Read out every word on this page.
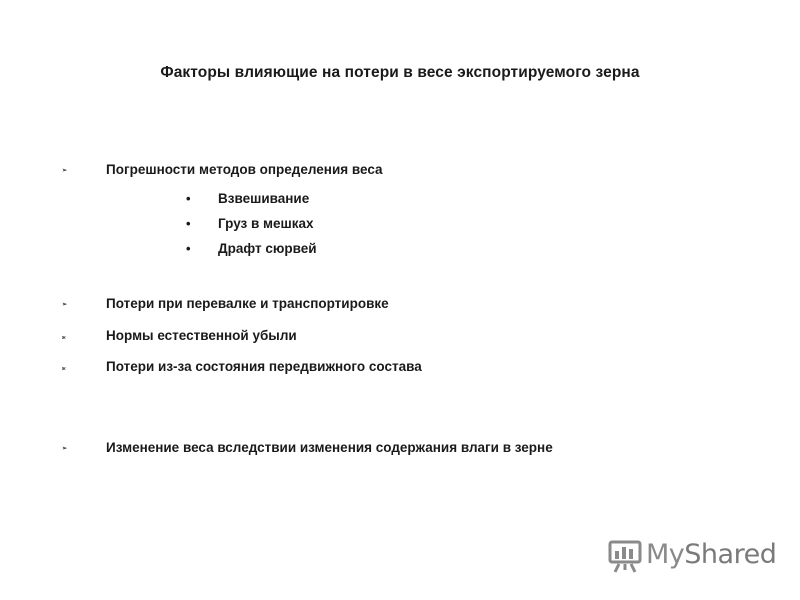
Факторы влияющие на потери в весе экспортируемого зерна
➢	Погрешности методов определения веса
• Взвешивание
• Груз в мешках
• Драфт сюрвей
➢	Потери при перевалке и транспортировке
ж	Нормы естественной убыли
ж	Потери из-за состояния передвижного состава
➢	Изменение веса вследствии изменения содержания влаги в зерне
MyShared
